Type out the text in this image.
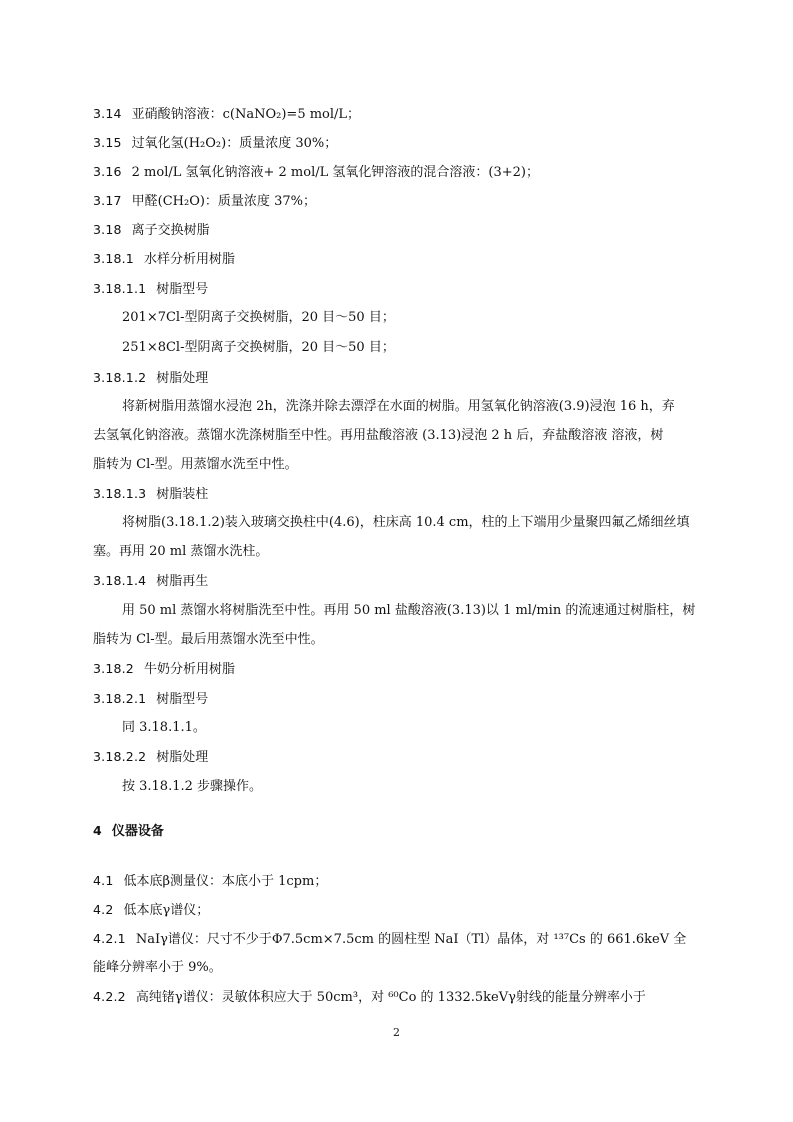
3.14 亚硝酸钠溶液：c(NaNO₂)=5 mol/L；
3.15 过氧化氢(H₂O₂)：质量浓度 30%；
3.16 2 mol/L 氢氧化钠溶液+ 2 mol/L 氢氧化钾溶液的混合溶液：(3+2)；
3.17 甲醛(CH₂O)：质量浓度 37%；
3.18 离子交换树脂
3.18.1 水样分析用树脂
3.18.1.1 树脂型号
201×7Cl-型阴离子交换树脂，20 目～50 目；
251×8Cl-型阴离子交换树脂，20 目～50 目；
3.18.1.2 树脂处理
将新树脂用蒸馏水浸泡 2h，洗涤并除去漂浮在水面的树脂。用氢氧化钠溶液(3.9)浸泡 16 h，弃
去氢氧化钠溶液。蒸馏水洗涤树脂至中性。再用盐酸溶液 (3.13)浸泡 2 h 后，弃盐酸溶液 溶液，树
脂转为 Cl-型。用蒸馏水洗至中性。
3.18.1.3 树脂装柱
将树脂(3.18.1.2)装入玻璃交换柱中(4.6)，柱床高 10.4 cm，柱的上下端用少量聚四氟乙烯细丝填
塞。再用 20 ml 蒸馏水洗柱。
3.18.1.4 树脂再生
用 50 ml 蒸馏水将树脂洗至中性。再用 50 ml 盐酸溶液(3.13)以 1 ml/min 的流速通过树脂柱，树
脂转为 Cl-型。最后用蒸馏水洗至中性。
3.18.2 牛奶分析用树脂
3.18.2.1 树脂型号
同 3.18.1.1。
3.18.2.2 树脂处理
按 3.18.1.2 步骤操作。
4 仪器设备
4.1 低本底β测量仪：本底小于 1cpm；
4.2 低本底γ谱仪；
4.2.1 NaIγ谱仪：尺寸不少于Φ7.5cm×7.5cm 的圆柱型 NaI（Tl）晶体，对 ¹³⁷Cs 的 661.6keV 全
能峰分辨率小于 9%。
4.2.2 高纯锗γ谱仪：灵敏体积应大于 50cm³，对 ⁶⁰Co 的 1332.5keVγ射线的能量分辨率小于
2
